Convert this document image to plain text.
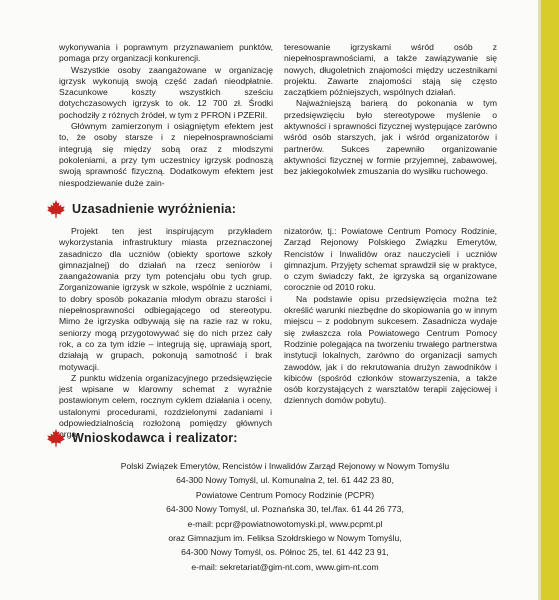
wykonywania i poprawnym przyznawaniem punktów, pomaga przy organizacji konkurencji.

Wszystkie osoby zaangażowane w organizację igrzysk wykonują swoją część zadań nieodpłatnie. Szacunkowe koszty wszystkich sześciu dotychczasowych igrzysk to ok. 12 700 zł. Środki pochodziły z różnych źródeł, w tym z PFRON i PZERiI.

Głównym zamierzonym i osiągniętym efektem jest to, że osoby starsze i z niepełnosprawnościami integrują się między sobą oraz z młodszymi pokoleniami, a przy tym uczestnicy igrzysk podnoszą swoją sprawność fizyczną. Dodatkowym efektem jest niespodziewanie duże zain-

teresowanie igrzyskami wśród osób z niepełnosprawnościami, a także zawiązywanie się nowych, długoletnich znajomości między uczestnikami projektu. Zawarte znajomości stają się często zaczątkiem późniejszych, wspólnych działań.

Najważniejszą barierą do pokonania w tym przedsięwzięciu było stereotypowe myślenie o aktywności i sprawności fizycznej występujące zarówno wśród osób starszych, jak i wśród organizatorów i partnerów. Sukces zapewniło organizowanie aktywności fizycznej w formie przyjemnej, zabawowej, bez jakiegokolwiek zmuszania do wysiłku ruchowego.

Uzasadnienie wyróżnienia:

Projekt ten jest inspirującym przykładem wykorzystania infrastruktury miasta przeznaczonej zasadniczo dla uczniów (obiekty sportowe szkoły gimnazjalnej) do działań na rzecz seniorów i zaangażowania przy tym potencjału obu tych grup. Zorganizowanie igrzysk w szkole, wspólnie z uczniami, to dobry sposób pokazania młodym obrazu starości i niepełnosprawności odbiegającego od stereotypu. Mimo że igrzyska odbywają się na razie raz w roku, seniorzy mogą przygotowywać się do nich przez cały rok, a co za tym idzie – integrują się, uprawiają sport, działają w grupach, pokonują samotność i brak motywacji.

Z punktu widzenia organizacyjnego przedsięwzięcie jest wpisane w klarowny schemat z wyraźnie postawionym celem, rocznym cyklem działania i oceny, ustalonymi procedurami, rozdzielonymi zadaniami i odpowiedzialnością rozłożoną pomiędzy głównych orga-

nizatorów, tj.: Powiatowe Centrum Pomocy Rodzinie, Zarząd Rejonowy Polskiego Związku Emerytów, Rencistów i Inwalidów oraz nauczycieli i uczniów gimnazjum. Przyjęty schemat sprawdził się w praktyce, o czym świadczy fakt, że igrzyska są organizowane corocznie od 2010 roku.

Na podstawie opisu przedsięwzięcia można też określić warunki niezbędne do skopiowania go w innym miejscu – z podobnym sukcesem. Zasadnicza wydaje się zwłaszcza rola Powiatowego Centrum Pomocy Rodzinie polegająca na tworzeniu trwałego partnerstwa instytucji lokalnych, zarówno do organizacji samych zawodów, jak i do rekrutowania drużyn zawodników i kibiców (spośród członków stowarzyszenia, a także osób korzystających z warsztatów terapii zajęciowej i dziennych domów pobytu).

Wnioskodawca i realizator:
Polski Związek Emerytów, Rencistów i Inwalidów Zarząd Rejonowy w Nowym Tomyślu
64-300 Nowy Tomyśl, ul. Komunalna 2, tel. 61 442 23 80,
Powiatowe Centrum Pomocy Rodzinie (PCPR)
64-300 Nowy Tomyśl, ul. Poznańska 30, tel./fax. 61 44 26 773,
e-mail: pcpr@powiatnowotomyski.pl, www.pcpmt.pl
oraz Gimnazjum im. Feliksa Szołdrskiego w Nowym Tomyślu,
64-300 Nowy Tomyśl, os. Północ 25, tel. 61 442 23 91,
e-mail: sekretariat@gim-nt.com, www.gim-nt.com
